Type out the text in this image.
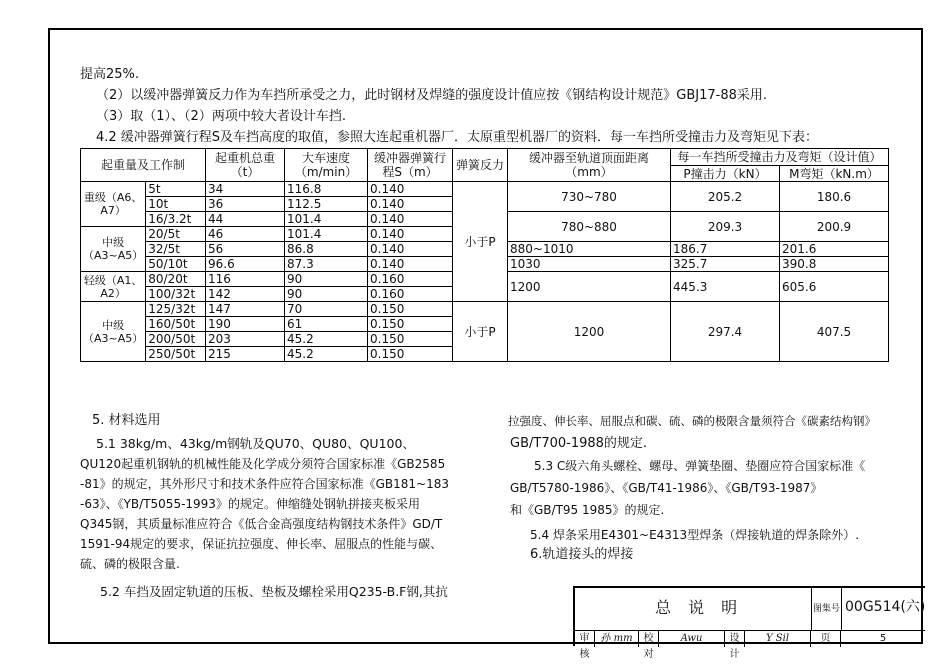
提高25%.
（2）以缓冲器弹簧反力作为车挡所承受之力，此时钢材及焊缝的强度设计值应按《钢结构设计规范》GBJ17-88采用.
（3）取（1）、（2）两项中较大者设计车挡.
4.2 缓冲器弹簧行程S及车挡高度的取值，参照大连起重机器厂．太原重型机器厂的资料．每一车挡所受撞击力及弯矩见下表：
起重量及工作制		起重机总重（t）	大车速度（m/min）	缓冲器弹簧行程S（m）	弹簧反力	缓冲器至轨道顶面距离（mm）	每一车挡所受撞击力及弯矩（设计值）	
							P撞击力（kN）	M弯矩（kN.m）
重级（A6、A7）	5t	34	116.8	0.140	小于P	730~780	205.2	180.6
	10t	36	112.5	0.140				
	16/3.2t	44	101.4	0.140		780~880	209.3	200.9
中级（A3~A5）	20/5t	46	101.4	0.140				
	32/5t	56	86.8	0.140		880~1010	186.7	201.6
	50/10t	96.6	87.3	0.140		1030	325.7	390.8
轻级（A1、A2）	80/20t	116	90	0.160		1200	445.3	605.6
	100/32t	142	90	0.160				
中级（A3~A5）	125/32t	147	70	0.150	小于P	1200	297.4	407.5
	160/50t	190	61	0.150				
	200/50t	203	45.2	0.150				
	250/50t	215	45.2	0.150				
5. 材料选用
5.1 38kg/m、43kg/m钢轨及QU70、QU80、QU100、
QU120起重机钢轨的机械性能及化学成分须符合国家标准《GB2585
-81》的规定，其外形尺寸和技术条件应符合国家标准《GB181~183
-63》、《YB/T5055-1993》的规定。伸缩缝处钢轨拼接夹板采用
Q345钢，其质量标准应符合《低合金高强度结构钢技术条件》GD/T
1591-94规定的要求，保证抗拉强度、伸长率、屈服点的性能与碳、
硫、磷的极限含量.
5.2 车挡及固定轨道的压板、垫板及螺栓采用Q235-B.F钢,其抗
拉强度、伸长率、屈服点和碳、硫、磷的极限含量须符合《碳素结构钢》
GB/T700-1988的规定.
5.3 C级六角头螺栓、螺母、弹簧垫圈、垫圈应符合国家标准《
GB/T5780-1986》、《GB/T41-1986》、《GB/T93-1987》
和《GB/T95 1985》的规定.
5.4 焊条采用E4301~E4313型焊条（焊接轨道的焊条除外）.
6.轨道接头的焊接
总 说 明	图集号 00G514(六)
审核
孙 mm	校对
Awu	设计
Y Sil	页	5
